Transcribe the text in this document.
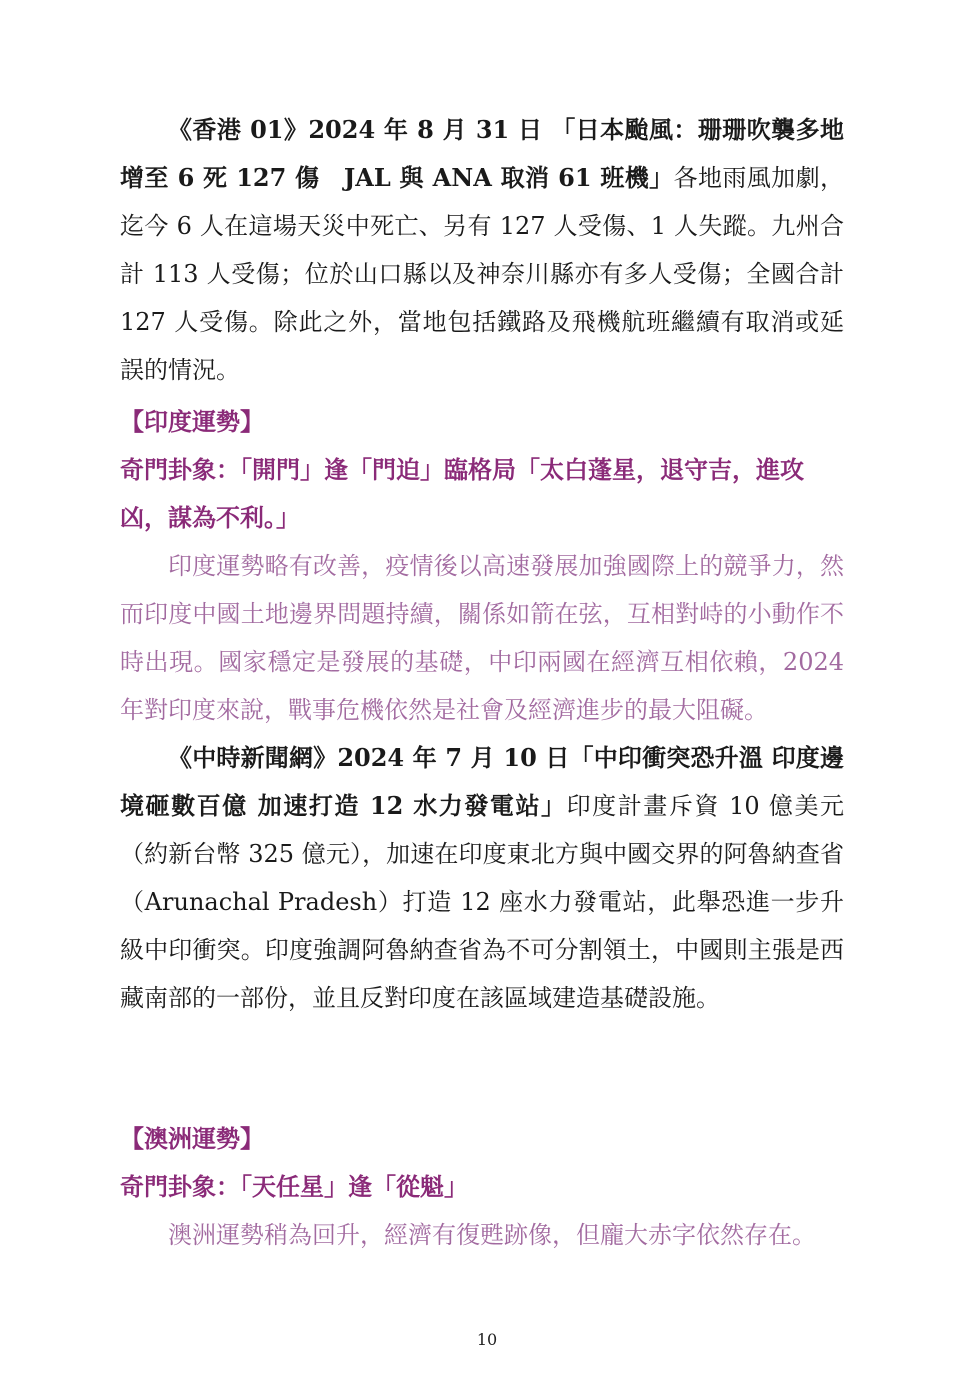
《香港 01》2024 年 8 月 31 日 「日本颱風：珊珊吹襲多地增至 6 死 127 傷　JAL 與 ANA 取消 61 班機」各地雨風加劇，迄今 6 人在這場天災中死亡、另有 127 人受傷、1 人失蹤。九州合計 113 人受傷；位於山口縣以及神奈川縣亦有多人受傷；全國合計 127 人受傷。除此之外，當地包括鐵路及飛機航班繼續有取消或延誤的情況。

【印度運勢】

奇門卦象：「開門」逢「門迫」臨格局「太白蓬星，退守吉，進攻凶，謀為不利。」

印度運勢略有改善，疫情後以高速發展加強國際上的競爭力，然而印度中國土地邊界問題持續，關係如箭在弦，互相對峙的小動作不時出現。國家穩定是發展的基礎，中印兩國在經濟互相依賴，2024 年對印度來說，戰事危機依然是社會及經濟進步的最大阻礙。

《中時新聞網》2024 年 7 月 10 日「中印衝突恐升溫 印度邊境砸數百億 加速打造 12 水力發電站」印度計畫斥資 10 億美元（約新台幣 325 億元），加速在印度東北方與中國交界的阿魯納查省（Arunachal Pradesh）打造 12 座水力發電站，此舉恐進一步升級中印衝突。印度強調阿魯納查省為不可分割領土，中國則主張是西藏南部的一部份，並且反對印度在該區域建造基礎設施。

【澳洲運勢】

奇門卦象：「天任星」逢「從魁」

澳洲運勢稍為回升，經濟有復甦跡像，但龐大赤字依然存在。

10
